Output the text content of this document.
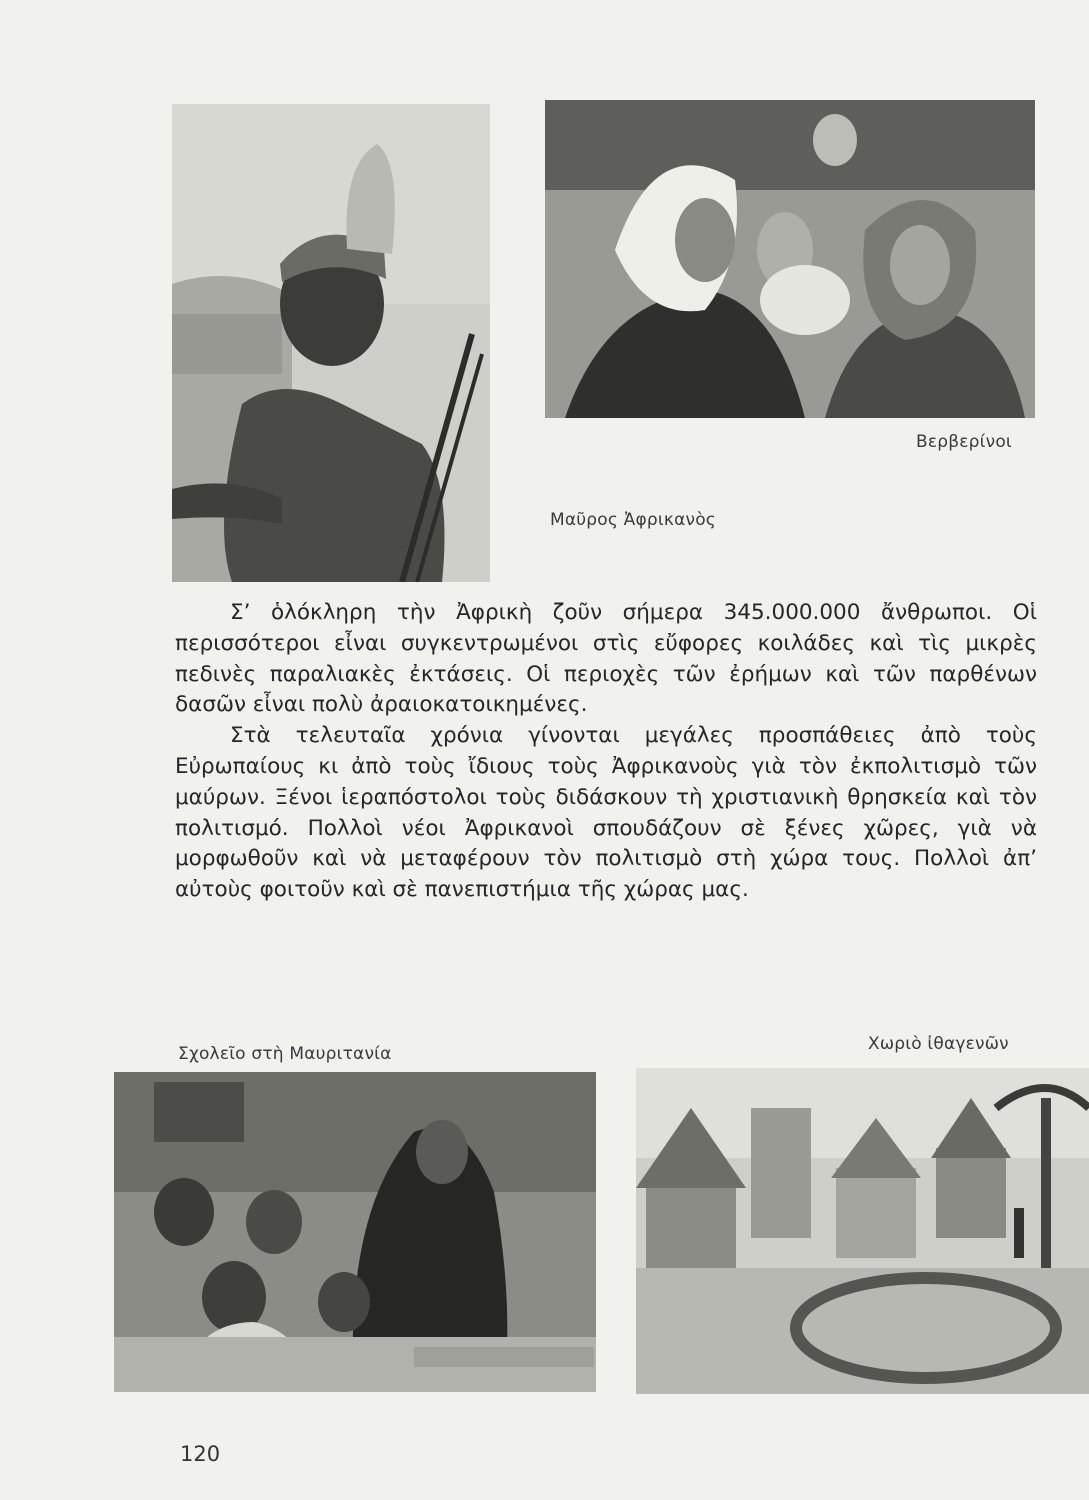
Βερβερίνοι
Μαῦρος Ἀφρικανὸς

Σ’ ὁλόκληρη τὴν Ἀφρικὴ ζοῦν σήμερα 345.000.000 ἄνθρωποι. Οἱ περισσότεροι εἶναι συγκεντρωμένοι στὶς εὔφορες κοιλάδες καὶ τὶς μικρὲς πεδινὲς παραλιακὲς ἐκτάσεις. Οἱ περιοχὲς τῶν ἐρήμων καὶ τῶν παρθένων δασῶν εἶναι πολὺ ἀραιοκατοικημένες.

Στὰ τελευταῖα χρόνια γίνονται μεγάλες προσπάθειες ἀπὸ τοὺς Εὐρωπαίους κι ἀπὸ τοὺς ἴδιους τοὺς Ἀφρικανοὺς γιὰ τὸν ἐκπολιτισμὸ τῶν μαύρων. Ξένοι ἱεραπόστολοι τοὺς διδάσκουν τὴ χριστιανικὴ θρησκεία καὶ τὸν πολιτισμό. Πολλοὶ νέοι Ἀφρικανοὶ σπουδάζουν σὲ ξένες χῶρες, γιὰ νὰ μορφωθοῦν καὶ νὰ μεταφέρουν τὸν πολιτισμὸ στὴ χώρα τους. Πολλοὶ ἀπ’ αὐτοὺς φοιτοῦν καὶ σὲ πανεπιστήμια τῆς χώρας μας.

Σχολεῖο στὴ Μαυριτανία	Χωριὸ ἰθαγενῶν
120
